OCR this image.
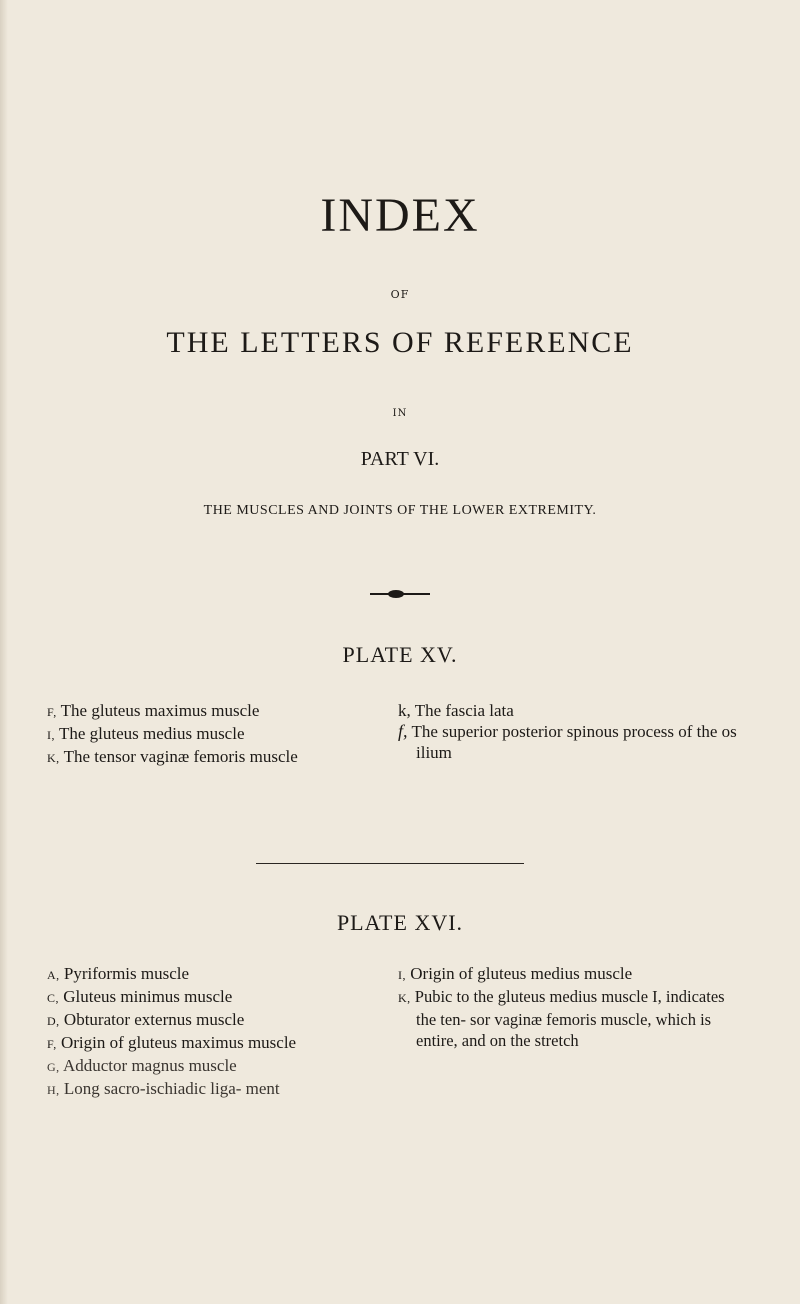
INDEX
OF
THE LETTERS OF REFERENCE
IN
PART VI.
THE MUSCLES AND JOINTS OF THE LOWER EXTREMITY.
PLATE XV.

F, The gluteus maximus muscle

I, The gluteus medius muscle

K, The tensor vaginæ femoris muscle

k, The fascia lata

f, The superior posterior spinous process of the os ilium

PLATE XVI.

A, Pyriformis muscle

C, Gluteus minimus muscle

D, Obturator externus muscle

F, Origin of gluteus maximus muscle

G, Adductor magnus muscle

H, Long sacro-ischiadic liga- ment

I, Origin of gluteus medius muscle

K, Pubic to the gluteus medius muscle I, indicates the ten- sor vaginæ femoris muscle, which is entire, and on the stretch
